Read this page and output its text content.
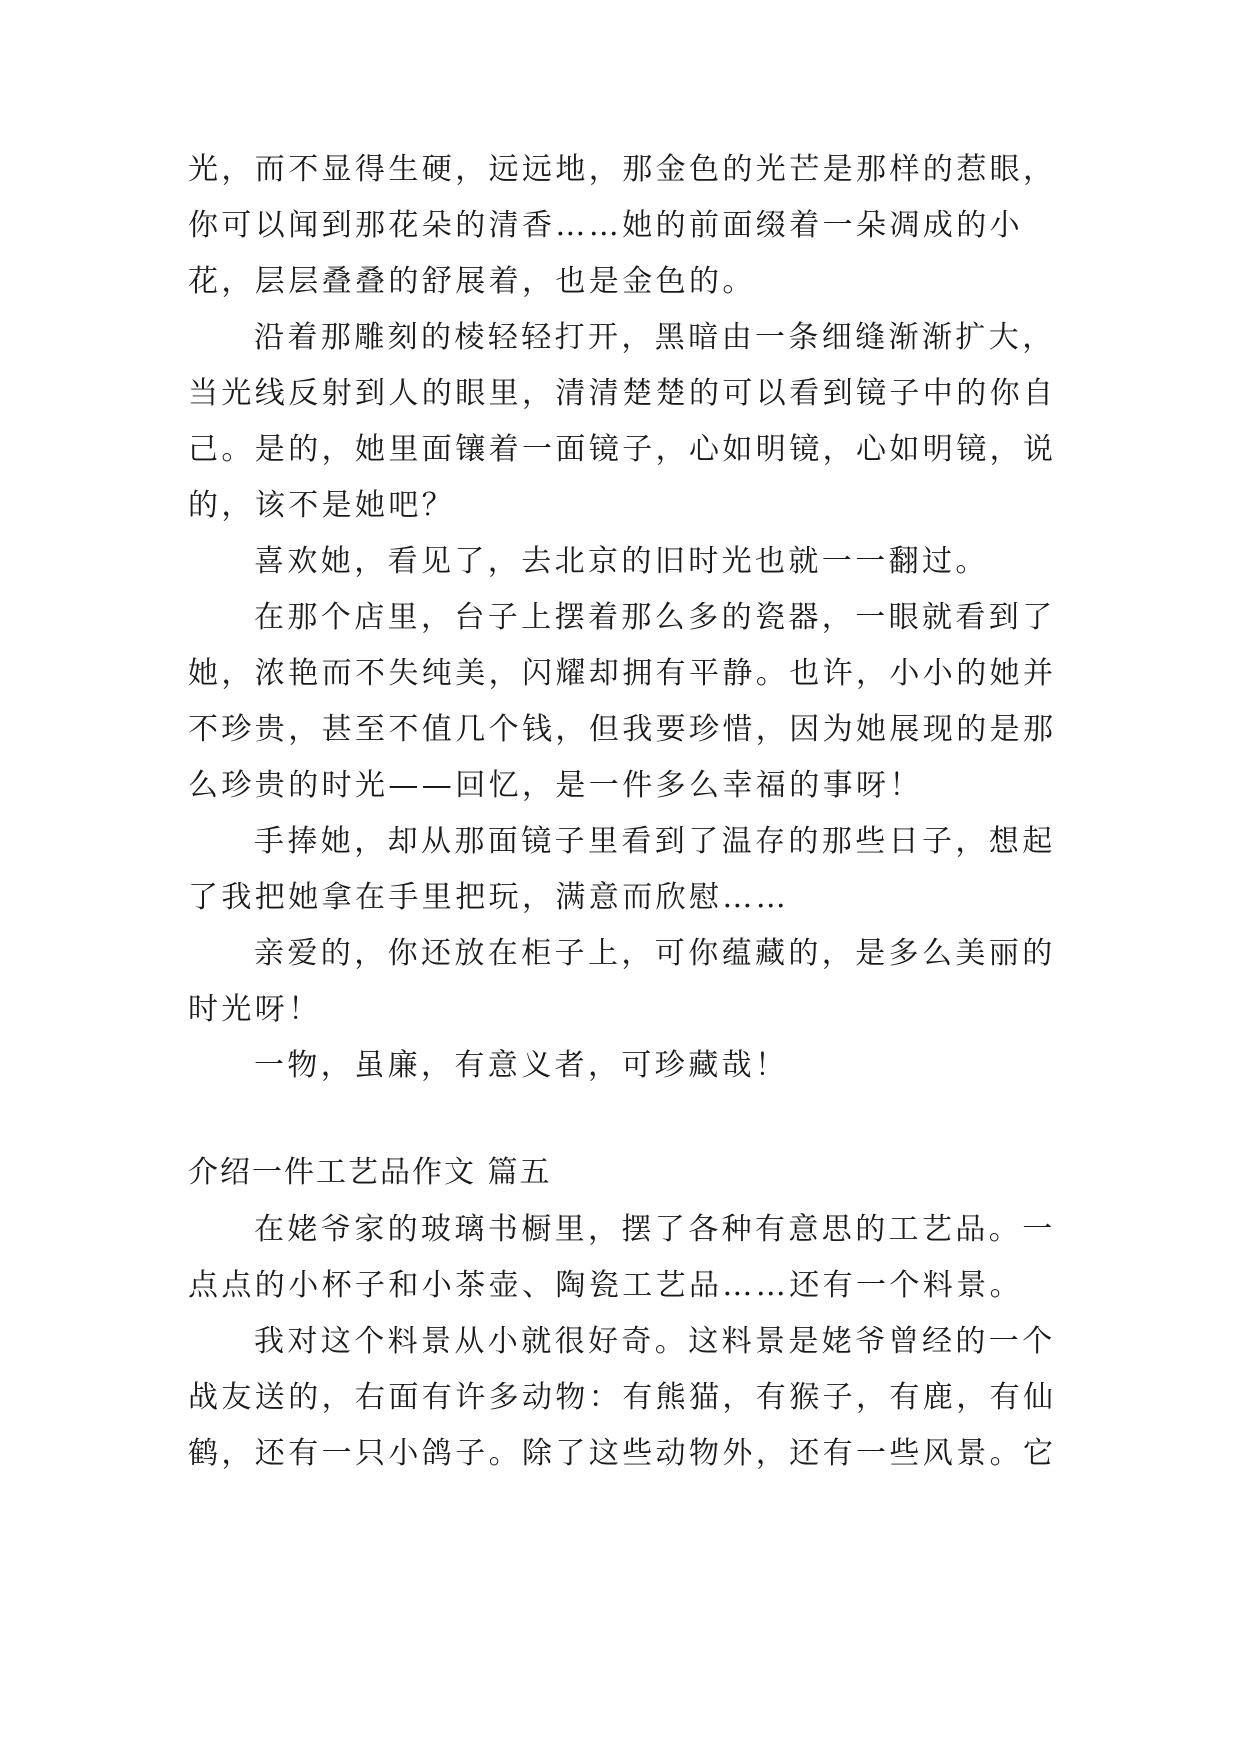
光，而不显得生硬，远远地，那金色的光芒是那样的惹眼，
你可以闻到那花朵的清香……她的前面缀着一朵凋成的小
花，层层叠叠的舒展着，也是金色的。
沿着那雕刻的棱轻轻打开，黑暗由一条细缝渐渐扩大，
当光线反射到人的眼里，清清楚楚的可以看到镜子中的你自
己。是的，她里面镶着一面镜子，心如明镜，心如明镜，说
的，该不是她吧？
喜欢她，看见了，去北京的旧时光也就一一翻过。
在那个店里，台子上摆着那么多的瓷器，一眼就看到了
她，浓艳而不失纯美，闪耀却拥有平静。也许，小小的她并
不珍贵，甚至不值几个钱，但我要珍惜，因为她展现的是那
么珍贵的时光——回忆，是一件多么幸福的事呀！
手捧她，却从那面镜子里看到了温存的那些日子，想起
了我把她拿在手里把玩，满意而欣慰……
亲爱的，你还放在柜子上，可你蕴藏的，是多么美丽的
时光呀！
一物，虽廉，有意义者，可珍藏哉！
介绍一件工艺品作文 篇五
在姥爷家的玻璃书橱里，摆了各种有意思的工艺品。一
点点的小杯子和小茶壶、陶瓷工艺品……还有一个料景。
我对这个料景从小就很好奇。这料景是姥爷曾经的一个
战友送的，右面有许多动物：有熊猫，有猴子，有鹿，有仙
鹤，还有一只小鸽子。除了这些动物外，还有一些风景。它
